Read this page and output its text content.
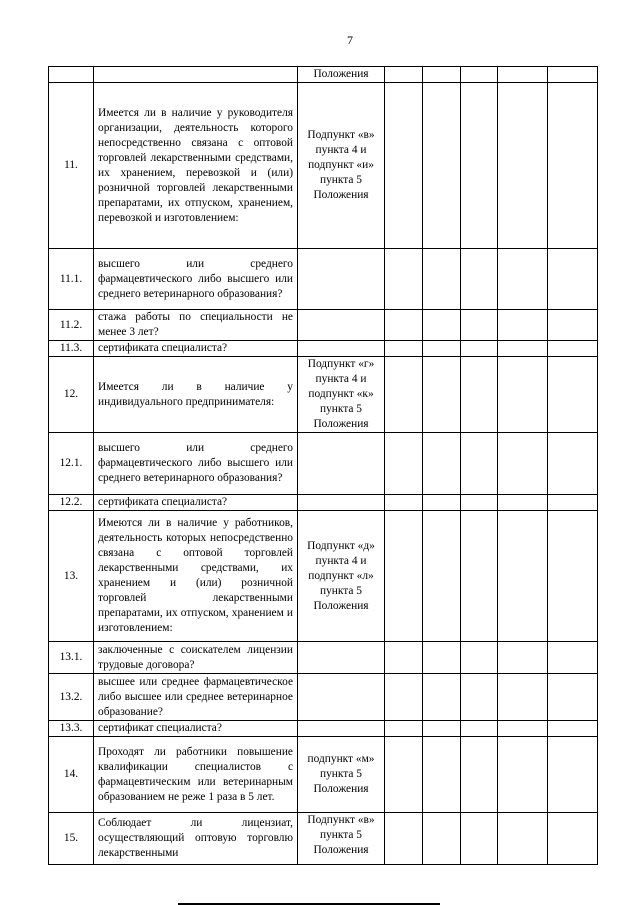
7
		Положения					
11.	Имеется ли в наличие у руководителя организации, деятельность которого непосредственно связана с оптовой торговлей лекарственными средствами, их хранением, перевозкой и (или) розничной торговлей лекарственными препаратами, их отпуском, хранением, перевозкой и изготовлением:	Подпункт «в» пункта 4 и подпункт «и» пункта 5 Положения					
11.1.	высшего или среднего фармацевтического либо высшего или среднего ветеринарного образования?						
11.2.	стажа работы по специальности не менее 3 лет?						
11.3.	сертификата специалиста?						
12.	Имеется ли в наличие у индивидуального предпринимателя:	Подпункт «г» пункта 4 и подпункт «к» пункта 5 Положения					
12.1.	высшего или среднего фармацевтического либо высшего или среднего ветеринарного образования?						
12.2.	сертификата специалиста?						
13.	Имеются ли в наличие у работников, деятельность которых непосредственно связана с оптовой торговлей лекарственными средствами, их хранением и (или) розничной торговлей лекарственными препаратами, их отпуском, хранением и изготовлением:	Подпункт «д» пункта 4 и подпункт «л» пункта 5 Положения					
13.1.	заключенные с соискателем лицензии трудовые договора?						
13.2.	высшее или среднее фармацевтическое либо высшее или среднее ветеринарное образование?						
13.3.	сертификат специалиста?						
14.	Проходят ли работники повышение квалификации специалистов с фармацевтическим или ветеринарным образованием не реже 1 раза в 5 лет.	подпункт «м» пункта 5 Положения					
15.	Соблюдает ли лицензиат, осуществляющий оптовую торговлю лекарственными	Подпункт «в» пункта 5 Положения					
